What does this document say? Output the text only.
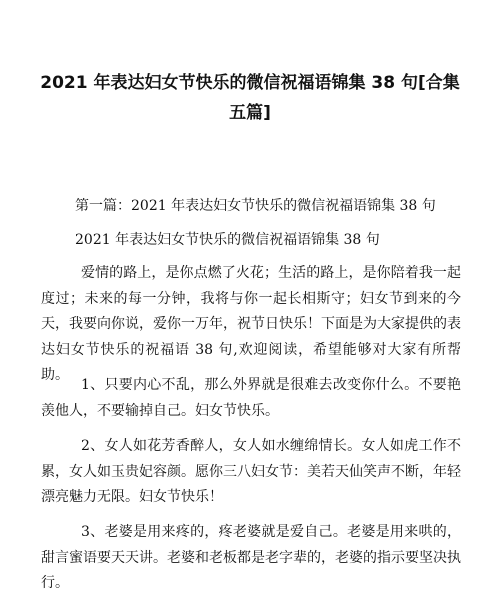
2021 年表达妇女节快乐的微信祝福语锦集 38 句[合集五篇]

第一篇：2021 年表达妇女节快乐的微信祝福语锦集 38 句

2021 年表达妇女节快乐的微信祝福语锦集 38 句

爱情的路上，是你点燃了火花；生活的路上，是你陪着我一起度过；未来的每一分钟，我将与你一起长相斯守；妇女节到来的今天，我要向你说，爱你一万年，祝节日快乐！下面是为大家提供的表达妇女节快乐的祝福语 38 句,欢迎阅读，希望能够对大家有所帮助。

1、只要内心不乱，那么外界就是很难去改变你什么。不要艳羡他人，不要输掉自己。妇女节快乐。

2、女人如花芳香醉人，女人如水缠绵情长。女人如虎工作不累，女人如玉贵妃容颜。愿你三八妇女节：美若天仙笑声不断，年轻漂亮魅力无限。妇女节快乐！

3、老婆是用来疼的，疼老婆就是爱自己。老婆是用来哄的，甜言蜜语要天天讲。老婆和老板都是老字辈的，老婆的指示要坚决执行。
